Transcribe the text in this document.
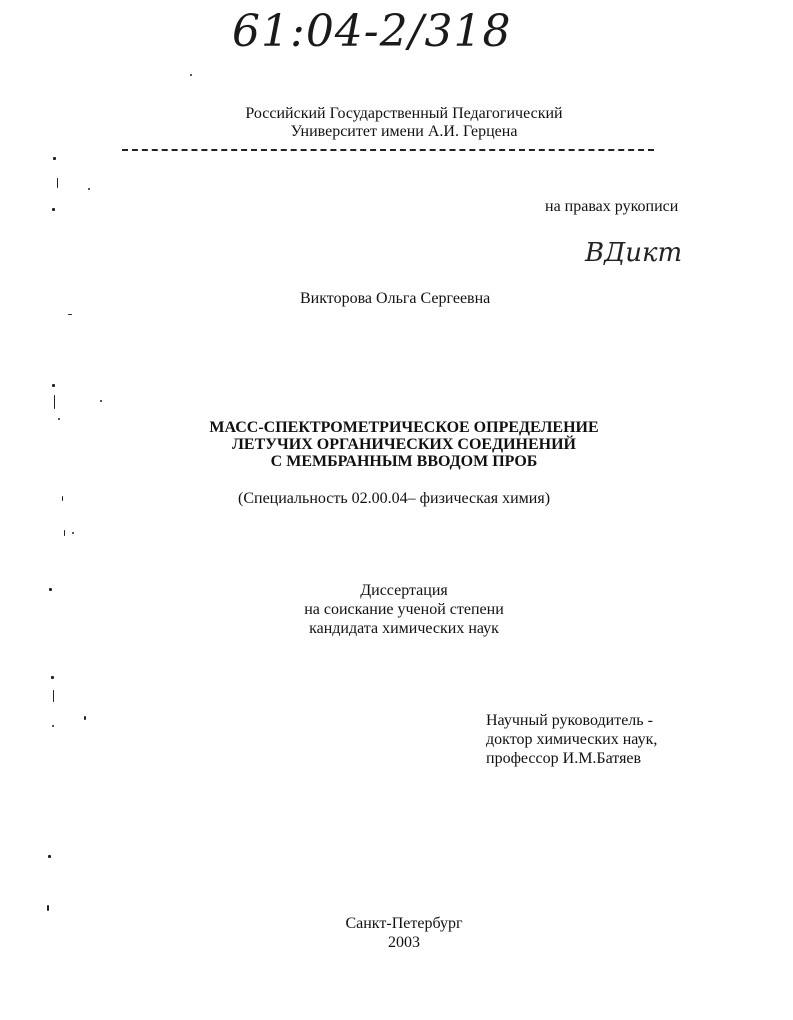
61:04-2/318
Российский Государственный Педагогический
Университет имени А.И. Герцена
на правах рукописи
ВДикт
Викторова Ольга Сергеевна
МАСС-СПЕКТРОМЕТРИЧЕСКОЕ ОПРЕДЕЛЕНИЕ
ЛЕТУЧИХ ОРГАНИЧЕСКИХ СОЕДИНЕНИЙ
С МЕМБРАННЫМ ВВОДОМ ПРОБ
(Специальность 02.00.04– физическая химия)
Диссертация
на соискание ученой степени
кандидата химических наук
Научный руководитель -
доктор химических наук,
профессор И.М.Батяев
Санкт-Петербург
2003
